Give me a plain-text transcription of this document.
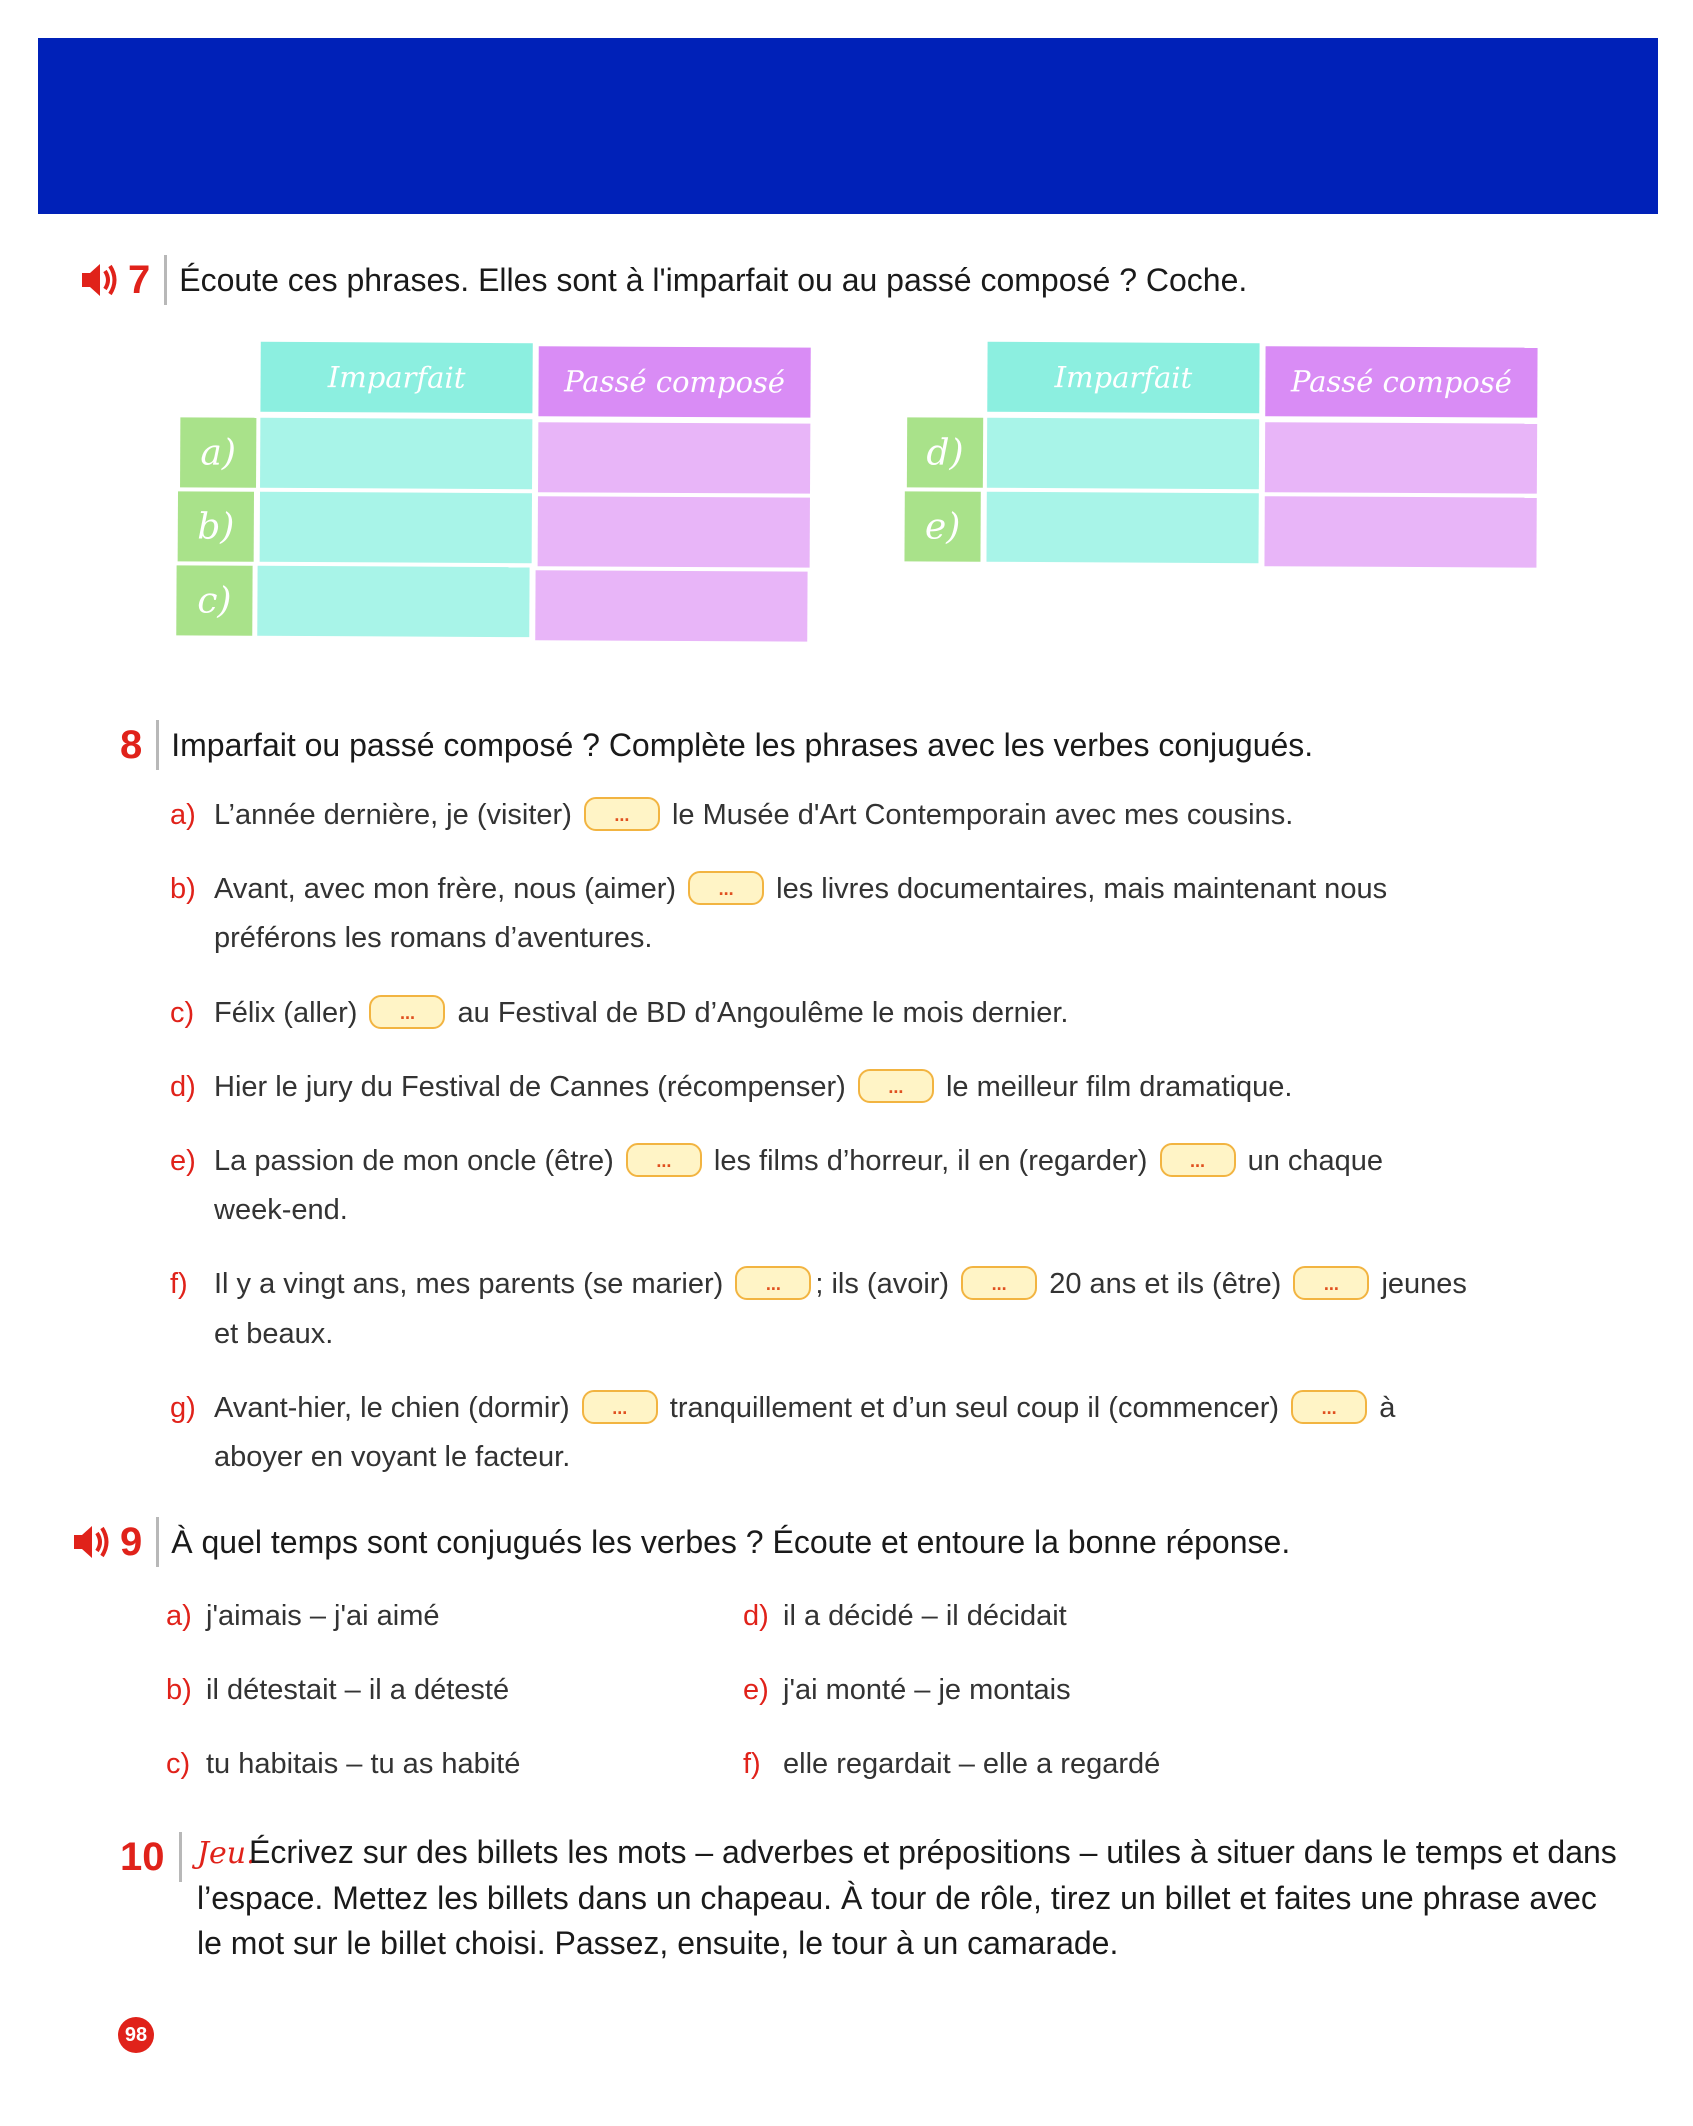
7 Écoute ces phrases. Elles sont à l'imparfait ou au passé composé ? Coche.
Imparfait	Passé composé
a)
b)
c)
Imparfait	Passé composé
d)
e)
8 Imparfait ou passé composé ? Complète les phrases avec les verbes conjugués.
a) L’année dernière, je (visiter) ... le Musée d'Art Contemporain avec mes cousins.
b) Avant, avec mon frère, nous (aimer) ... les livres documentaires, mais maintenant nous
préférons les romans d’aventures.
c) Félix (aller) ... au Festival de BD d’Angoulême le mois dernier.
d) Hier le jury du Festival de Cannes (récompenser) ... le meilleur film dramatique.
e) La passion de mon oncle (être) ... les films d’horreur, il en (regarder) ... un chaque
week-end.
f) Il y a vingt ans, mes parents (se marier) ... ; ils (avoir) ... 20 ans et ils (être) ... jeunes
et beaux.
g) Avant-hier, le chien (dormir) ... tranquillement et d’un seul coup il (commencer) ... à
aboyer en voyant le facteur.
9 À quel temps sont conjugués les verbes ? Écoute et entoure la bonne réponse.
a) j'aimais – j'ai aimé
b) il détestait – il a détesté
c) tu habitais – tu as habité
d) il a décidé – il décidait
e) j'ai monté – je montais
f) elle regardait – elle a regardé
10 Jeu.Écrivez sur des billets les mots – adverbes et prépositions – utiles à situer dans le temps et dans l’espace. Mettez les billets dans un chapeau. À tour de rôle, tirez un billet et faites une phrase avec le mot sur le billet choisi. Passez, ensuite, le tour à un camarade.
98
